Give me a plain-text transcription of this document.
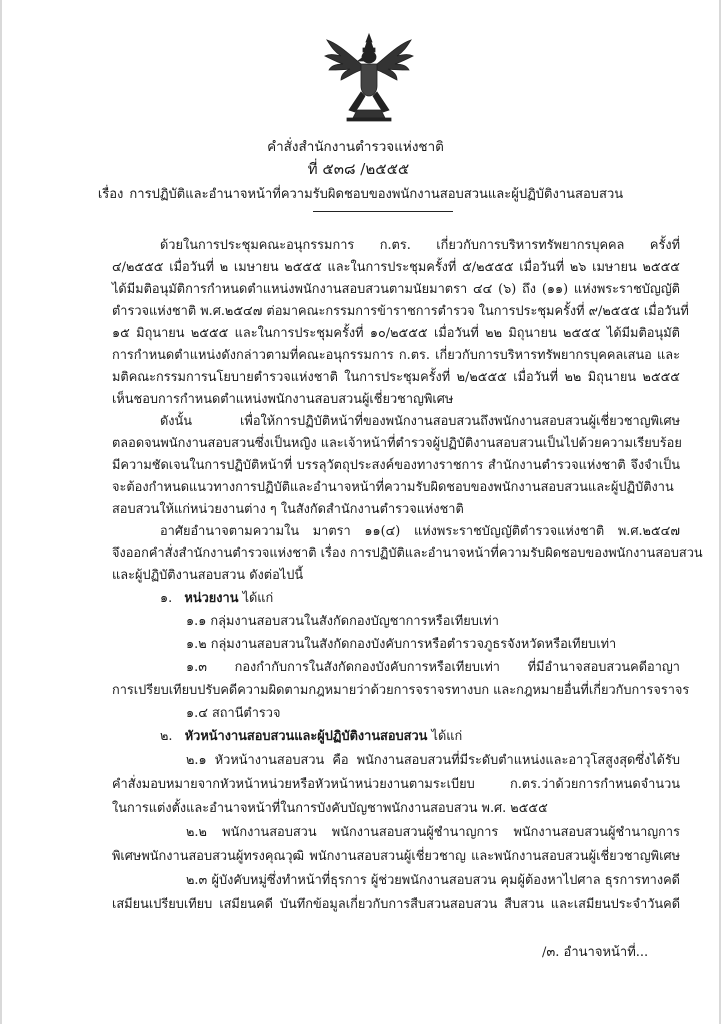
คำสั่งสำนักงานตำรวจแห่งชาติ
ที่ ๕๓๘ /๒๕๕๕
เรื่อง การปฏิบัติและอำนาจหน้าที่ความรับผิดชอบของพนักงานสอบสวนและผู้ปฏิบัติงานสอบสวน
ด้วยในการประชุมคณะอนุกรรมการ ก.ตร. เกี่ยวกับการบริหารทรัพยากรบุคคล ครั้งที่
๔/๒๕๕๕ เมื่อวันที่ ๒ เมษายน ๒๕๕๕ และในการประชุมครั้งที่ ๕/๒๕๕๕ เมื่อวันที่ ๒๖ เมษายน ๒๕๕๕
ได้มีมติอนุมัติการกำหนดตำแหน่งพนักงานสอบสวนตามนัยมาตรา ๔๔ (๖) ถึง (๑๑) แห่งพระราชบัญญัติ
ตำรวจแห่งชาติ พ.ศ.๒๕๔๗ ต่อมาคณะกรรมการข้าราชการตำรวจ ในการประชุมครั้งที่ ๙/๒๕๕๕ เมื่อวันที่
๑๕ มิถุนายน ๒๕๕๕ และในการประชุมครั้งที่ ๑๐/๒๕๕๕ เมื่อวันที่ ๒๒ มิถุนายน ๒๕๕๕ ได้มีมติอนุมัติ
การกำหนดตำแหน่งดังกล่าวตามที่คณะอนุกรรมการ ก.ตร. เกี่ยวกับการบริหารทรัพยากรบุคคลเสนอ และ
มติคณะกรรมการนโยบายตำรวจแห่งชาติ ในการประชุมครั้งที่ ๒/๒๕๕๕ เมื่อวันที่ ๒๒ มิถุนายน ๒๕๕๕
เห็นชอบการกำหนดตำแหน่งพนักงานสอบสวนผู้เชี่ยวชาญพิเศษ
ดังนั้น เพื่อให้การปฏิบัติหน้าที่ของพนักงานสอบสวนถึงพนักงานสอบสวนผู้เชี่ยวชาญพิเศษ
ตลอดจนพนักงานสอบสวนซึ่งเป็นหญิง และเจ้าหน้าที่ตำรวจผู้ปฏิบัติงานสอบสวนเป็นไปด้วยความเรียบร้อย
มีความชัดเจนในการปฏิบัติหน้าที่ บรรลุวัตถุประสงค์ของทางราชการ สำนักงานตำรวจแห่งชาติ จึงจำเป็น
จะต้องกำหนดแนวทางการปฏิบัติและอำนาจหน้าที่ความรับผิดชอบของพนักงานสอบสวนและผู้ปฏิบัติงาน
สอบสวนให้แก่หน่วยงานต่าง ๆ ในสังกัดสำนักงานตำรวจแห่งชาติ
อาศัยอำนาจตามความใน มาตรา ๑๑(๔) แห่งพระราชบัญญัติตำรวจแห่งชาติ พ.ศ.๒๕๔๗
จึงออกคำสั่งสำนักงานตำรวจแห่งชาติ เรื่อง การปฏิบัติและอำนาจหน้าที่ความรับผิดชอบของพนักงานสอบสวน
และผู้ปฏิบัติงานสอบสวน ดังต่อไปนี้
๑. หน่วยงาน ได้แก่
๑.๑ กลุ่มงานสอบสวนในสังกัดกองบัญชาการหรือเทียบเท่า
๑.๒ กลุ่มงานสอบสวนในสังกัดกองบังคับการหรือตำรวจภูธรจังหวัดหรือเทียบเท่า
๑.๓ กองกำกับการในสังกัดกองบังคับการหรือเทียบเท่า ที่มีอำนาจสอบสวนคดีอาญา
การเปรียบเทียบปรับคดีความผิดตามกฎหมายว่าด้วยการจราจรทางบก และกฎหมายอื่นที่เกี่ยวกับการจราจร
๑.๔ สถานีตำรวจ
๒. หัวหน้างานสอบสวนและผู้ปฏิบัติงานสอบสวน ได้แก่
๒.๑ หัวหน้างานสอบสวน คือ พนักงานสอบสวนที่มีระดับตำแหน่งและอาวุโสสูงสุดซึ่งได้รับ
คำสั่งมอบหมายจากหัวหน้าหน่วยหรือหัวหน้าหน่วยงานตามระเบียบ ก.ตร.ว่าด้วยการกำหนดจำนวน
ในการแต่งตั้งและอำนาจหน้าที่ในการบังคับบัญชาพนักงานสอบสวน พ.ศ. ๒๕๕๕
๒.๒ พนักงานสอบสวน พนักงานสอบสวนผู้ชำนาญการ พนักงานสอบสวนผู้ชำนาญการ
พิเศษพนักงานสอบสวนผู้ทรงคุณวุฒิ พนักงานสอบสวนผู้เชี่ยวชาญ และพนักงานสอบสวนผู้เชี่ยวชาญพิเศษ
๒.๓ ผู้บังคับหมู่ซึ่งทำหน้าที่ธุรการ ผู้ช่วยพนักงานสอบสวน คุมผู้ต้องหาไปศาล ธุรการทางคดี
เสมียนเปรียบเทียบ เสมียนคดี บันทึกข้อมูลเกี่ยวกับการสืบสวนสอบสวน สืบสวน และเสมียนประจำวันคดี
/๓. อำนาจหน้าที่...
